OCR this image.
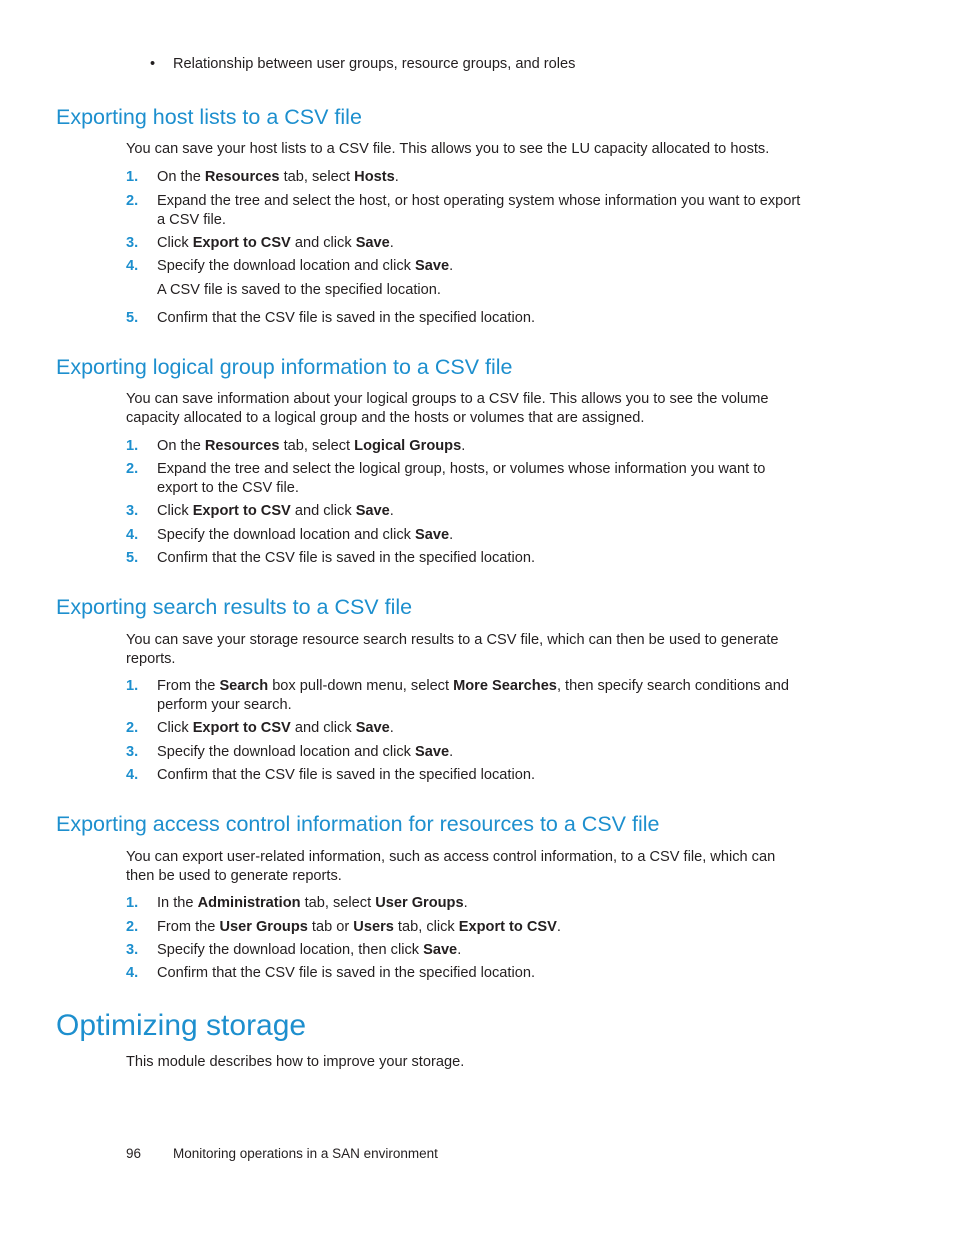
• Relationship between user groups, resource groups, and roles
Exporting host lists to a CSV file

You can save your host lists to a CSV file. This allows you to see the LU capacity allocated to hosts.

1.	On the Resources tab, select Hosts.
2.	Expand the tree and select the host, or host operating system whose information you want to export a CSV file.
3.	Click Export to CSV and click Save.
4.	Specify the download location and click Save.
A CSV file is saved to the specified location.
5.	Confirm that the CSV file is saved in the specified location.
Exporting logical group information to a CSV file

You can save information about your logical groups to a CSV file. This allows you to see the volume capacity allocated to a logical group and the hosts or volumes that are assigned.

1.	On the Resources tab, select Logical Groups.
2.	Expand the tree and select the logical group, hosts, or volumes whose information you want to export to the CSV file.
3.	Click Export to CSV and click Save.
4.	Specify the download location and click Save.
5.	Confirm that the CSV file is saved in the specified location.
Exporting search results to a CSV file

You can save your storage resource search results to a CSV file, which can then be used to generate reports.

1.	From the Search box pull-down menu, select More Searches, then specify search conditions and perform your search.
2.	Click Export to CSV and click Save.
3.	Specify the download location and click Save.
4.	Confirm that the CSV file is saved in the specified location.
Exporting access control information for resources to a CSV file

You can export user-related information, such as access control information, to a CSV file, which can then be used to generate reports.

1.	In the Administration tab, select User Groups.
2.	From the User Groups tab or Users tab, click Export to CSV.
3.	Specify the download location, then click Save.
4.	Confirm that the CSV file is saved in the specified location.
Optimizing storage

This module describes how to improve your storage.

96 Monitoring operations in a SAN environment
